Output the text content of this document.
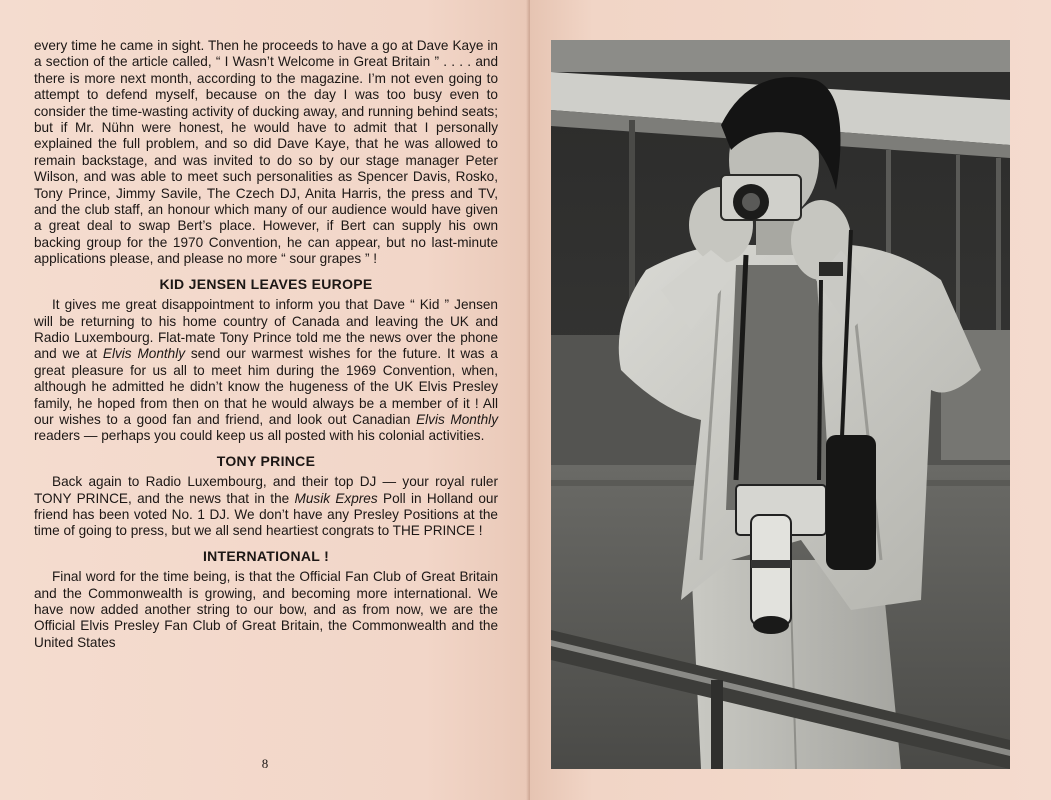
every time he came in sight. Then he proceeds to have a go at Dave Kaye in a section of the article called, “ I Wasn’t Welcome in Great Britain ” . . . . and there is more next month, according to the magazine. I’m not even going to attempt to defend myself, because on the day I was too busy even to consider the time-wasting activity of ducking away, and running behind seats; but if Mr. Nühn were honest, he would have to admit that I personally explained the full problem, and so did Dave Kaye, that he was allowed to remain backstage, and was invited to do so by our stage manager Peter Wilson, and was able to meet such personalities as Spencer Davis, Rosko, Tony Prince, Jimmy Savile, The Czech DJ, Anita Harris, the press and TV, and the club staff, an honour which many of our audience would have given a great deal to swap Bert’s place. However, if Bert can supply his own backing group for the 1970 Convention, he can appear, but no last-minute applications please, and please no more “ sour grapes ” !

KID JENSEN LEAVES EUROPE

It gives me great disappointment to inform you that Dave “ Kid ” Jensen will be returning to his home country of Canada and leaving the UK and Radio Luxembourg. Flat-mate Tony Prince told me the news over the phone and we at Elvis Monthly send our warmest wishes for the future. It was a great pleasure for us all to meet him during the 1969 Convention, when, although he admitted he didn’t know the hugeness of the UK Elvis Presley family, he hoped from then on that he would always be a member of it ! All our wishes to a good fan and friend, and look out Canadian Elvis Monthly readers — perhaps you could keep us all posted with his colonial activities.

TONY PRINCE

Back again to Radio Luxembourg, and their top DJ — your royal ruler TONY PRINCE, and the news that in the Musik Expres Poll in Holland our friend has been voted No. 1 DJ. We don’t have any Presley Positions at the time of going to press, but we all send heartiest congrats to THE PRINCE !

INTERNATIONAL !

Final word for the time being, is that the Official Fan Club of Great Britain and the Commonwealth is growing, and becoming more international. We have now added another string to our bow, and as from now, we are the Official Elvis Presley Fan Club of Great Britain, the Commonwealth and the United States

8
